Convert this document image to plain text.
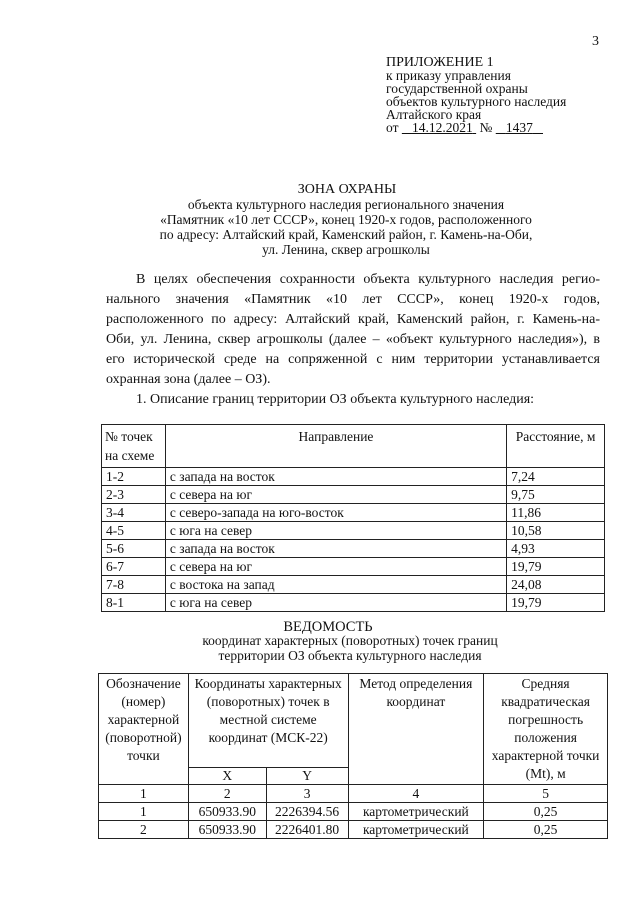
3
ПРИЛОЖЕНИЕ 1
к приказу управления
государственной охраны
объектов культурного наследия
Алтайского края
от 14.12.2021 № 1437
ЗОНА ОХРАНЫ
объекта культурного наследия регионального значения
«Памятник «10 лет СССР», конец 1920-х годов, расположенного
по адресу: Алтайский край, Каменский район, г. Камень-на-Оби,
ул. Ленина, сквер агрошколы
В целях обеспечения сохранности объекта культурного наследия регио-
нального значения «Памятник «10 лет СССР», конец 1920-х годов,
расположенного по адресу: Алтайский край, Каменский район, г. Камень-на-
Оби, ул. Ленина, сквер агрошколы (далее – «объект культурного наследия»), в
его исторической среде на сопряженной с ним территории устанавливается
охранная зона (далее – ОЗ).
1. Описание границ территории ОЗ объекта культурного наследия:
№ точек на схеме	Направление	Расстояние, м
1-2	с запада на восток	7,24
2-3	с севера на юг	9,75
3-4	с северо-запада на юго-восток	11,86
4-5	с юга на север	10,58
5-6	с запада на восток	4,93
6-7	с севера на юг	19,79
7-8	с востока на запад	24,08
8-1	с юга на север	19,79
ВЕДОМОСТЬ
координат характерных (поворотных) точек границ
территории ОЗ объекта культурного наследия
Обозначение (номер) характерной (поворотной) точки	Координаты характерных (поворотных) точек в местной системе координат (МСК-22)		Метод определения координат	Средняя квадратическая погрешность положения характерной точки (Mt), м
	X	Y		
1	2	3	4	5
1	650933.90	2226394.56	картометрический	0,25
2	650933.90	2226401.80	картометрический	0,25
